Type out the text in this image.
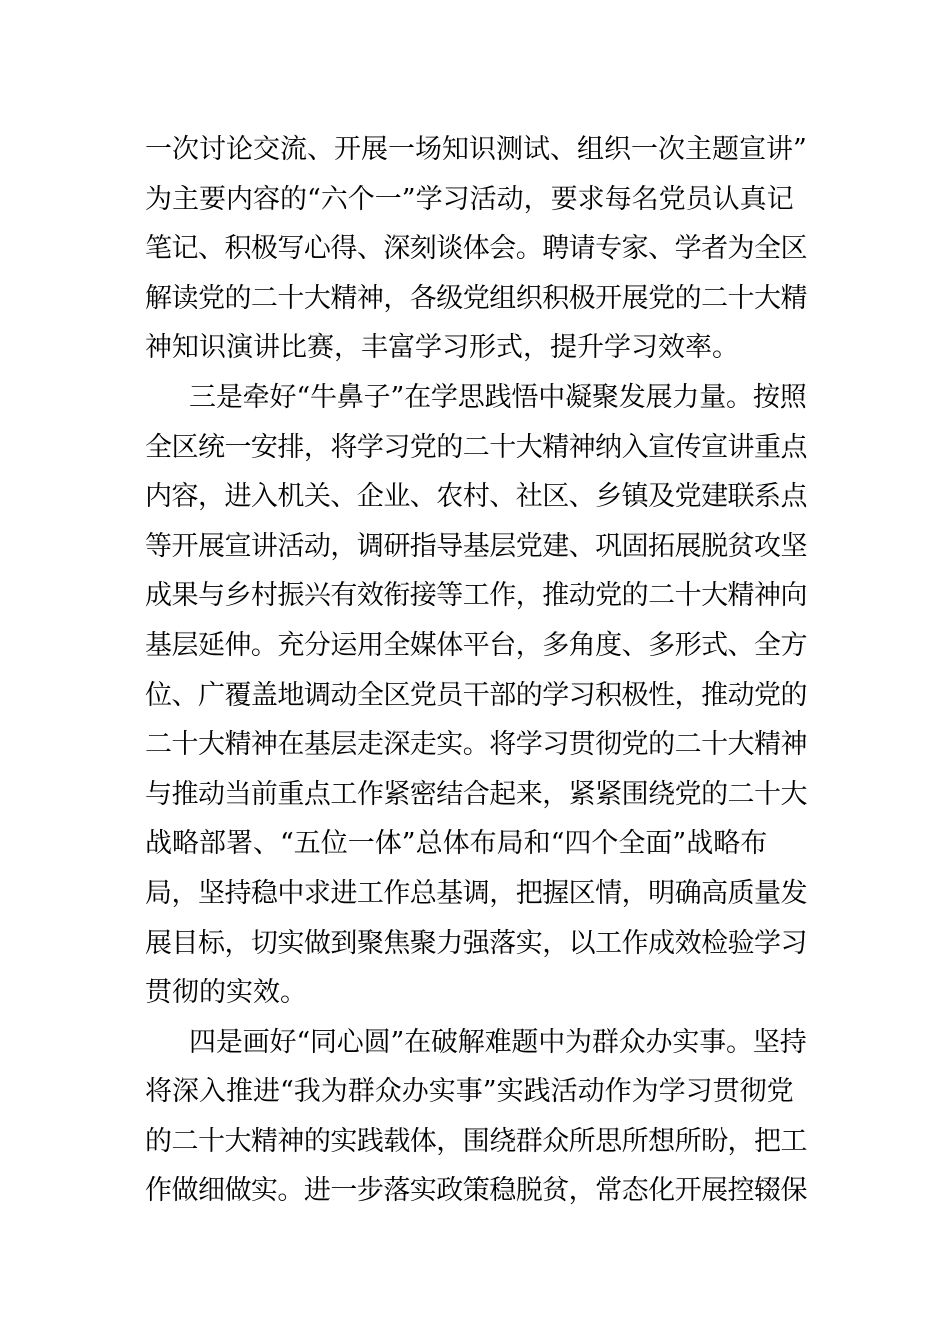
一次讨论交流、开展一场知识测试、组织一次主题宣讲”
为主要内容的“六个一”学习活动，要求每名党员认真记
笔记、积极写心得、深刻谈体会。聘请专家、学者为全区
解读党的二十大精神，各级党组织积极开展党的二十大精
神知识演讲比赛，丰富学习形式，提升学习效率。
三是牵好“牛鼻子”在学思践悟中凝聚发展力量。按照
全区统一安排，将学习党的二十大精神纳入宣传宣讲重点
内容，进入机关、企业、农村、社区、乡镇及党建联系点
等开展宣讲活动，调研指导基层党建、巩固拓展脱贫攻坚
成果与乡村振兴有效衔接等工作，推动党的二十大精神向
基层延伸。充分运用全媒体平台，多角度、多形式、全方
位、广覆盖地调动全区党员干部的学习积极性，推动党的
二十大精神在基层走深走实。将学习贯彻党的二十大精神
与推动当前重点工作紧密结合起来，紧紧围绕党的二十大
战略部署、“五位一体”总体布局和“四个全面”战略布
局，坚持稳中求进工作总基调，把握区情，明确高质量发
展目标，切实做到聚焦聚力强落实，以工作成效检验学习
贯彻的实效。
四是画好“同心圆”在破解难题中为群众办实事。坚持
将深入推进“我为群众办实事”实践活动作为学习贯彻党
的二十大精神的实践载体，围绕群众所思所想所盼，把工
作做细做实。进一步落实政策稳脱贫，常态化开展控辍保
